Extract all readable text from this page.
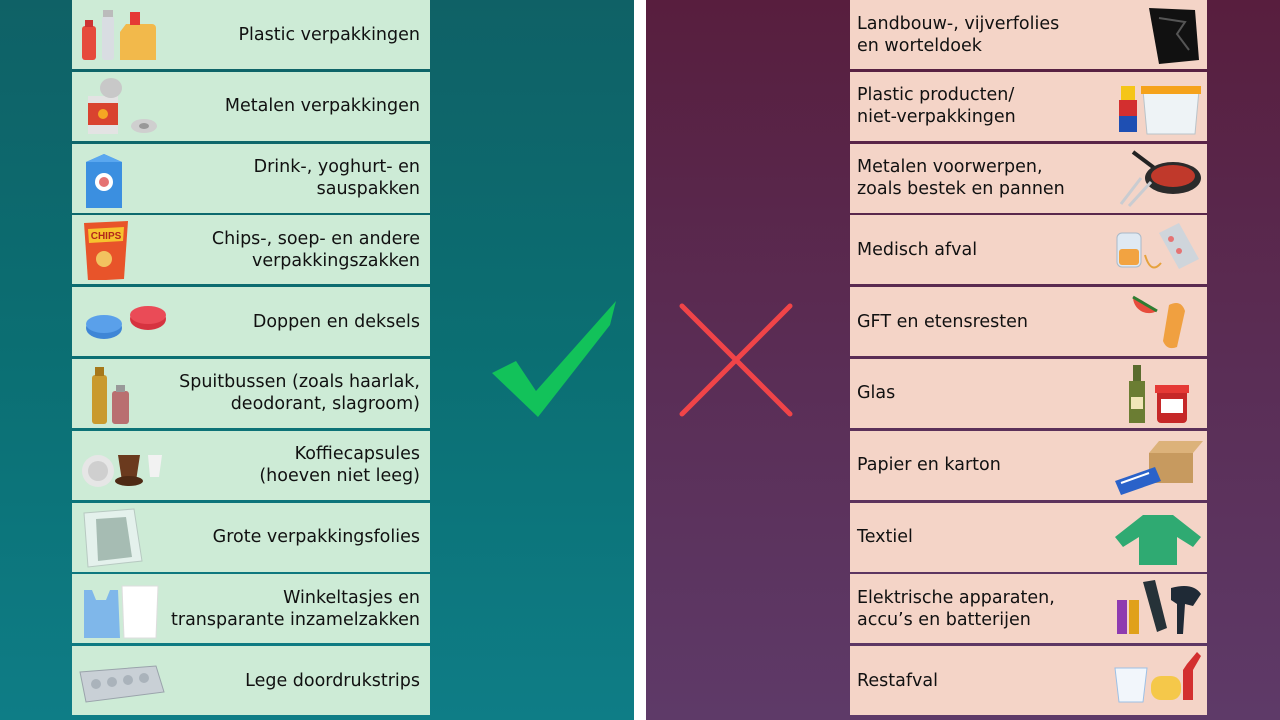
Plastic verpakkingen
Metalen verpakkingen
Drink-, yoghurt- en sauspakken
CHIPS	Chips-, soep- en andere
verpakkingszakken
Doppen en deksels
Spuitbussen (zoals haarlak,
deodorant, slagroom)
Koffiecapsules
(hoeven niet leeg)
Grote verpakkingsfolies
Winkeltasjes en
transparante inzamelzakken
Lege doordrukstrips
Landbouw-, vijverfolies
en worteldoek
Plastic producten/
niet-verpakkingen
Metalen voorwerpen,
zoals bestek en pannen
Medisch afval
GFT en etensresten
Glas
Papier en karton
Textiel
Elektrische apparaten,
accu’s en batterijen
Restafval
